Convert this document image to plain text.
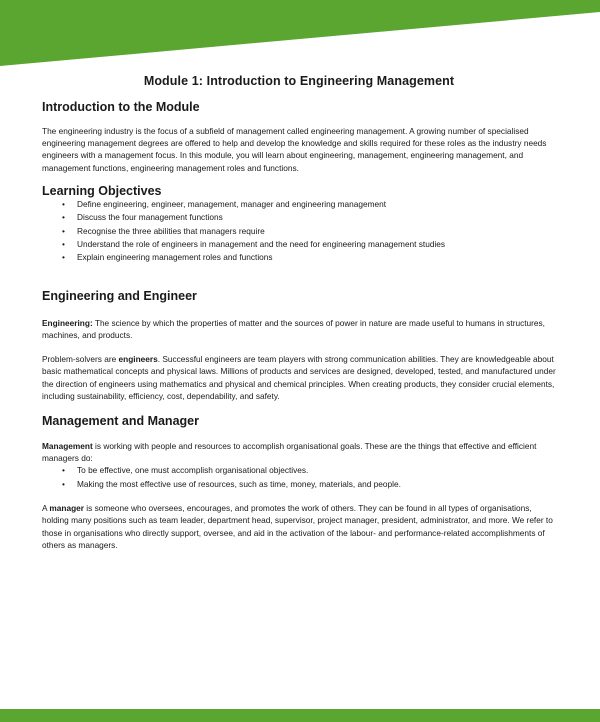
Module 1: Introduction to Engineering Management
Introduction to the Module

The engineering industry is the focus of a subfield of management called engineering management. A growing number of specialised engineering management degrees are offered to help and develop the knowledge and skills required for these roles as the industry needs engineers with a management focus. In this module, you will learn about engineering, management, engineering management, and management functions, engineering management roles and functions.

Learning Objectives
• Define engineering, engineer, management, manager and engineering management
• Discuss the four management functions
• Recognise the three abilities that managers require
• Understand the role of engineers in management and the need for engineering management studies
• Explain engineering management roles and functions
Engineering and Engineer

Engineering: The science by which the properties of matter and the sources of power in nature are made useful to humans in structures, machines, and products.

Problem-solvers are engineers. Successful engineers are team players with strong communication abilities. They are knowledgeable about basic mathematical concepts and physical laws. Millions of products and services are designed, developed, tested, and manufactured under the direction of engineers using mathematics and physical and chemical principles. When creating products, they consider crucial elements, including sustainability, efficiency, cost, dependability, and safety.

Management and Manager

Management is working with people and resources to accomplish organisational goals. These are the things that effective and efficient managers do:

• To be effective, one must accomplish organisational objectives.
• Making the most effective use of resources, such as time, money, materials, and people.

A manager is someone who oversees, encourages, and promotes the work of others. They can be found in all types of organisations, holding many positions such as team leader, department head, supervisor, project manager, president, administrator, and more. We refer to those in organisations who directly support, oversee, and aid in the activation of the labour- and performance-related accomplishments of others as managers.
